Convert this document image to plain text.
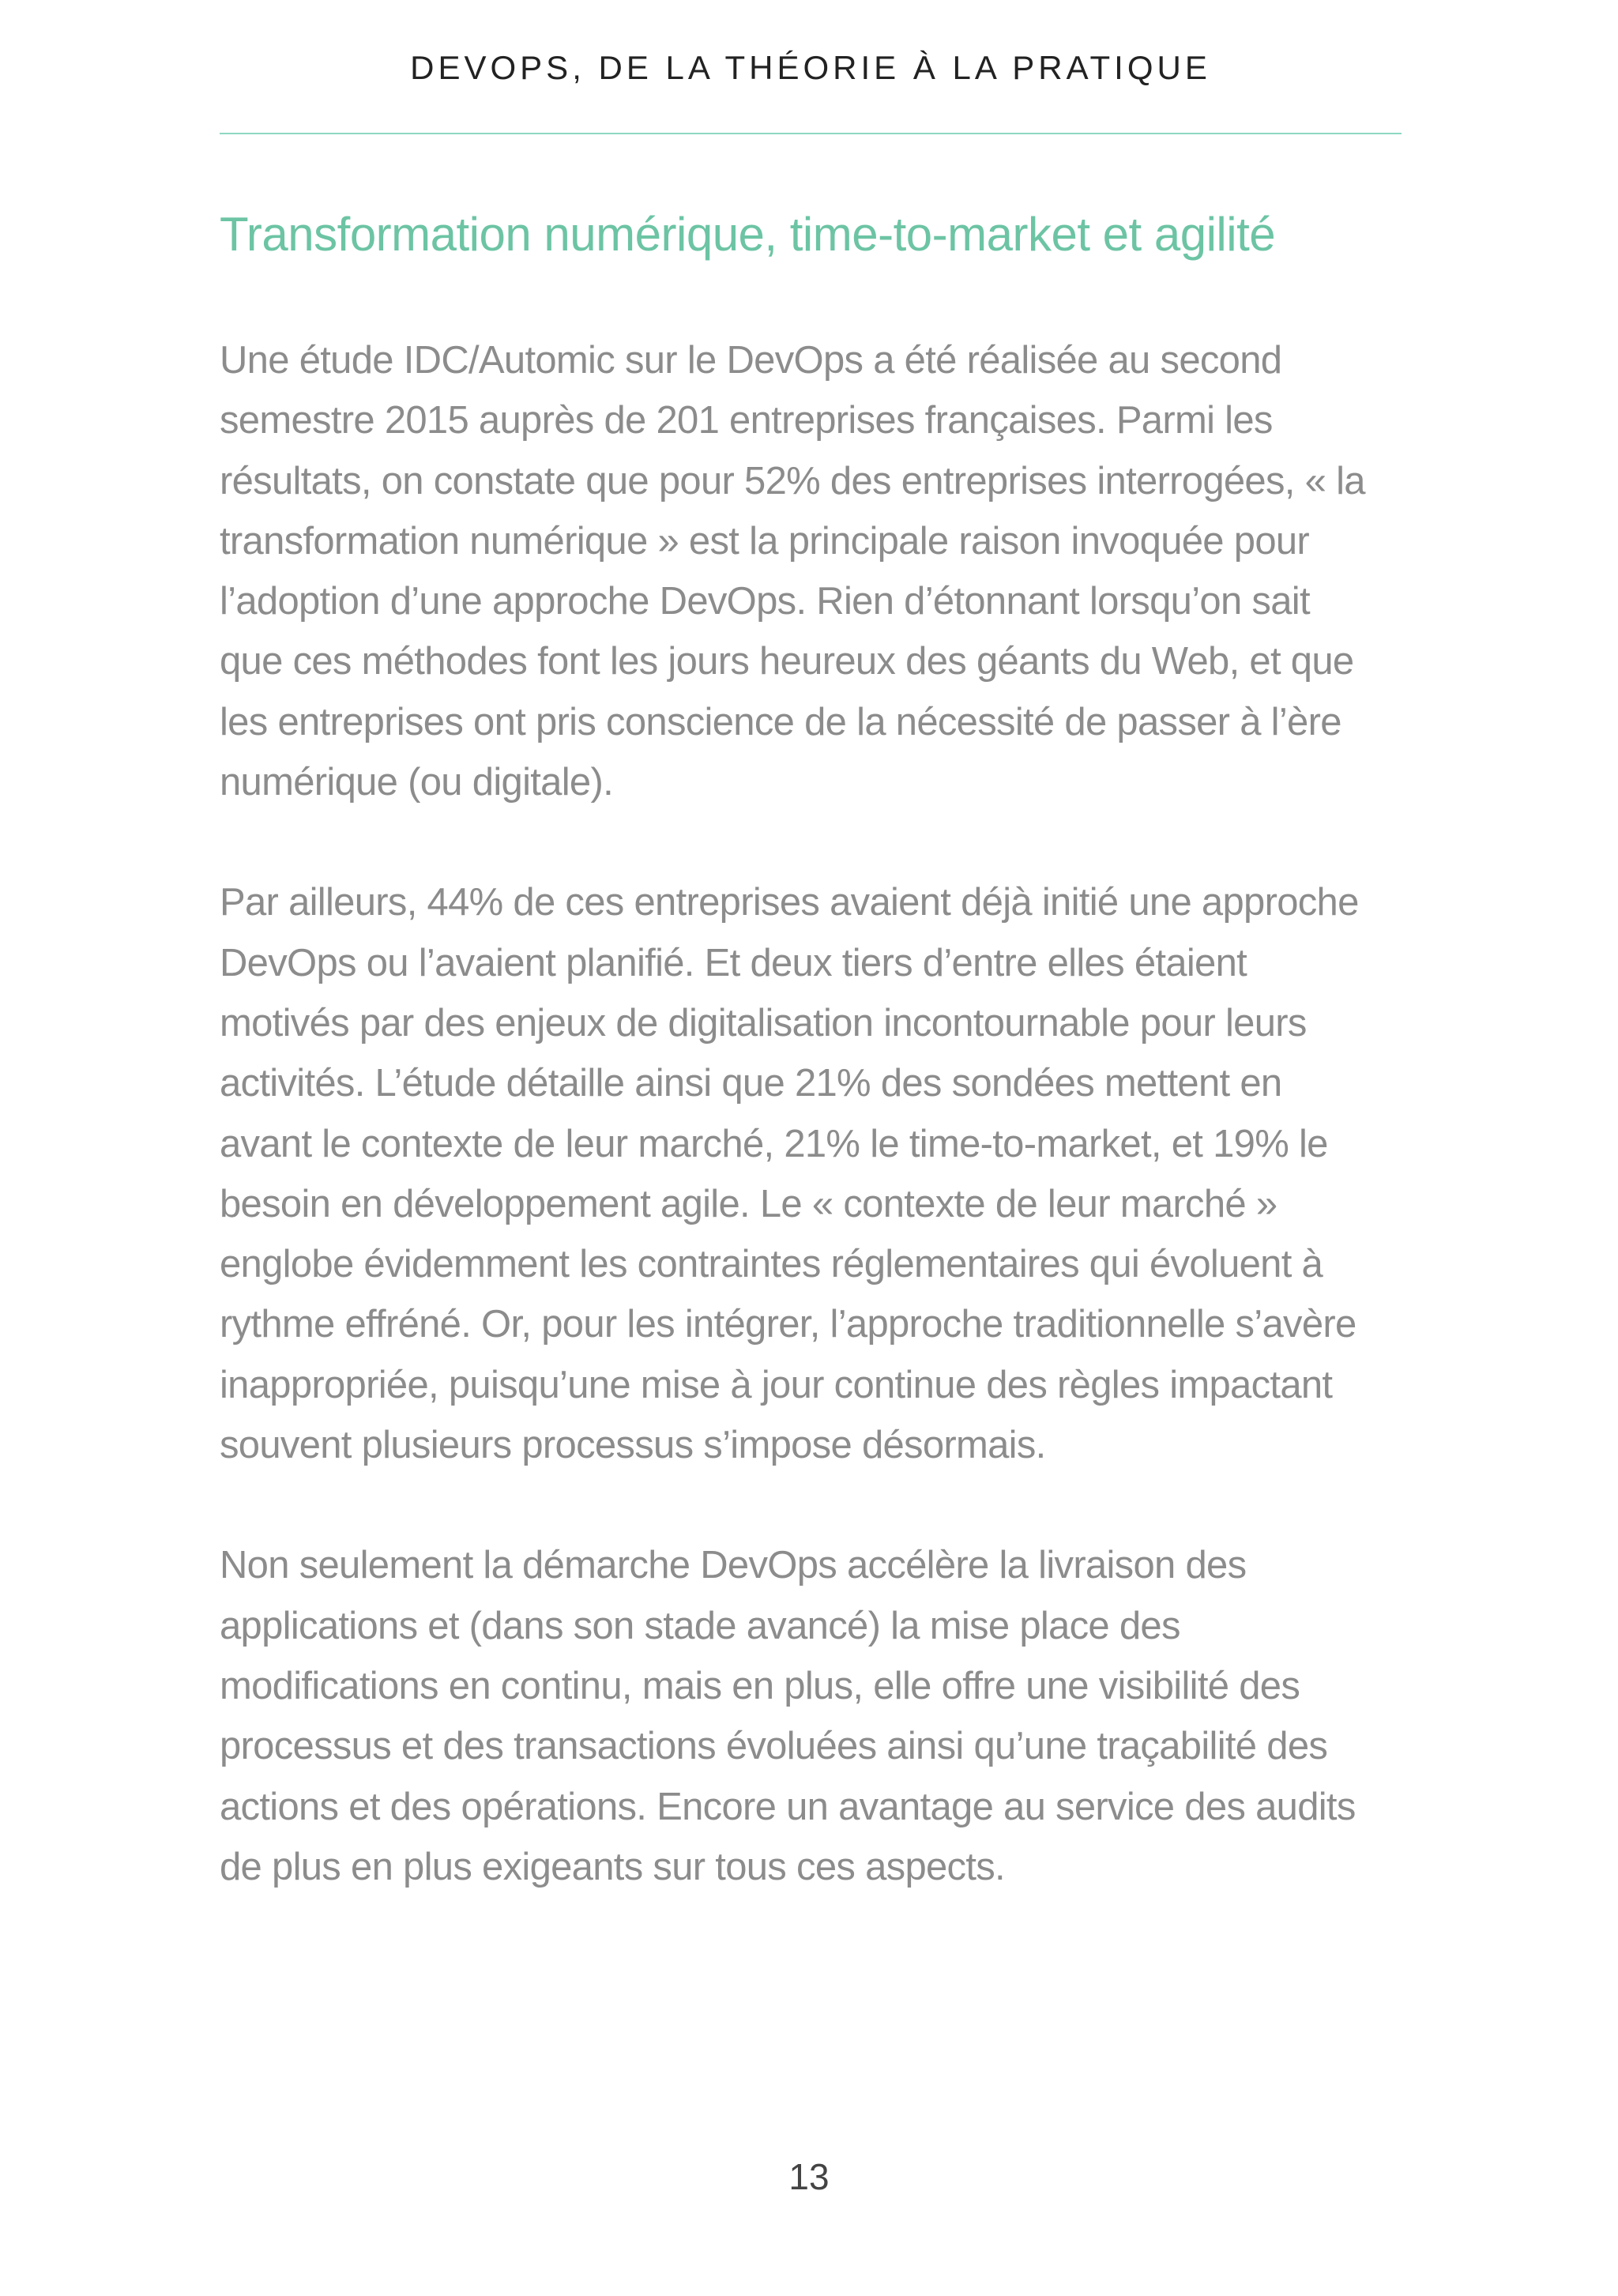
DEVOPS, DE LA THÉORIE À LA PRATIQUE
Transformation numérique, time-to-market et agilité

Une étude IDC/Automic sur le DevOps a été réalisée au second
semestre 2015 auprès de 201 entreprises françaises. Parmi les
résultats, on constate que pour 52% des entreprises interrogées, « la
transformation numérique » est la principale raison invoquée pour
l’adoption d’une approche DevOps. Rien d’étonnant lorsqu’on sait
que ces méthodes font les jours heureux des géants du Web, et que
les entreprises ont pris conscience de la nécessité de passer à l’ère
numérique (ou digitale).

Par ailleurs, 44% de ces entreprises avaient déjà initié une approche
DevOps ou l’avaient planifié. Et deux tiers d’entre elles étaient
motivés par des enjeux de digitalisation incontournable pour leurs
activités. L’étude détaille ainsi que 21% des sondées mettent en
avant le contexte de leur marché, 21% le time-to-market, et 19% le
besoin en développement agile. Le « contexte de leur marché »
englobe évidemment les contraintes réglementaires qui évoluent à
rythme effréné. Or, pour les intégrer, l’approche traditionnelle s’avère
inappropriée, puisqu’une mise à jour continue des règles impactant
souvent plusieurs processus s’impose désormais.

Non seulement la démarche DevOps accélère la livraison des
applications et (dans son stade avancé) la mise place des
modifications en continu, mais en plus, elle offre une visibilité des
processus et des transactions évoluées ainsi qu’une traçabilité des
actions et des opérations. Encore un avantage au service des audits
de plus en plus exigeants sur tous ces aspects.

13
